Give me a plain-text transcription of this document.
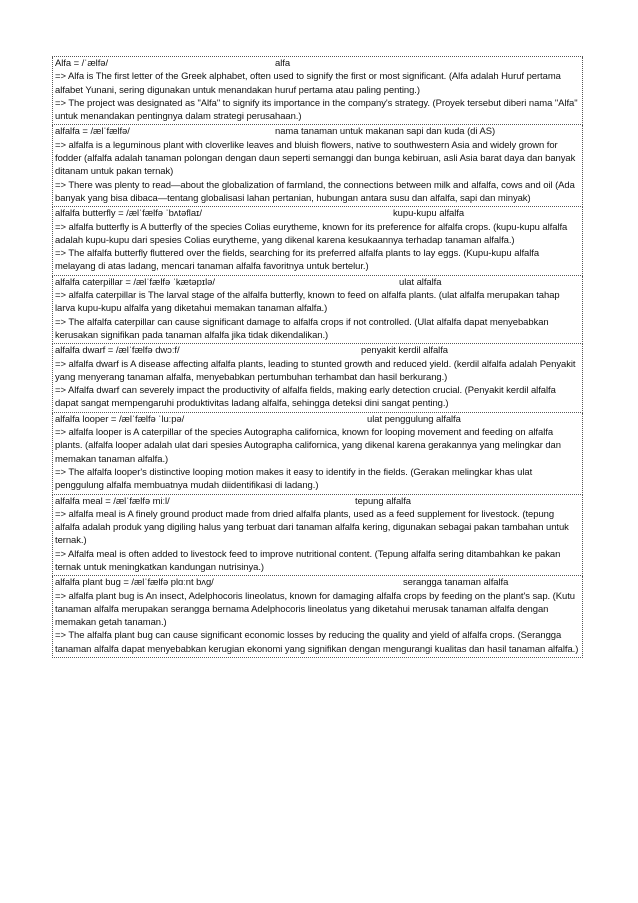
Alfa = /ˈælfə/	alfa
=> Alfa is The first letter of the Greek alphabet, often used to signify the first or most significant. (Alfa adalah Huruf pertama alfabet Yunani, sering digunakan untuk menandakan huruf pertama atau paling penting.)
=> The project was designated as "Alfa" to signify its importance in the company's strategy. (Proyek tersebut diberi nama "Alfa" untuk menandakan pentingnya dalam strategi perusahaan.)
alfalfa = /ælˈfælfə/	nama tanaman untuk makanan sapi dan kuda (di AS)
=> alfalfa is a leguminous plant with cloverlike leaves and bluish flowers, native to southwestern Asia and widely grown for fodder (alfalfa adalah tanaman polongan dengan daun seperti semanggi dan bunga kebiruan, asli Asia barat daya dan banyak ditanam untuk pakan ternak)
=> There was plenty to read—about the globalization of farmland, the connections between milk and alfalfa, cows and oil (Ada banyak yang bisa dibaca—tentang globalisasi lahan pertanian, hubungan antara susu dan alfalfa, sapi dan minyak)
alfalfa butterfly = /ælˈfælfə ˈbʌtəflaɪ/	kupu-kupu alfalfa
=> alfalfa butterfly is A butterfly of the species Colias eurytheme, known for its preference for alfalfa crops. (kupu-kupu alfalfa adalah kupu-kupu dari spesies Colias eurytheme, yang dikenal karena kesukaannya terhadap tanaman alfalfa.)
=> The alfalfa butterfly fluttered over the fields, searching for its preferred alfalfa plants to lay eggs. (Kupu-kupu alfalfa melayang di atas ladang, mencari tanaman alfalfa favoritnya untuk bertelur.)
alfalfa caterpillar = /ælˈfælfə ˈkætəpɪlə/	ulat alfalfa
=> alfalfa caterpillar is The larval stage of the alfalfa butterfly, known to feed on alfalfa plants. (ulat alfalfa merupakan tahap larva kupu-kupu alfalfa yang diketahui memakan tanaman alfalfa.)
=> The alfalfa caterpillar can cause significant damage to alfalfa crops if not controlled. (Ulat alfalfa dapat menyebabkan kerusakan signifikan pada tanaman alfalfa jika tidak dikendalikan.)
alfalfa dwarf = /ælˈfælfə dwɔːf/	penyakit kerdil alfalfa
=> alfalfa dwarf is A disease affecting alfalfa plants, leading to stunted growth and reduced yield. (kerdil alfalfa adalah Penyakit yang menyerang tanaman alfalfa, menyebabkan pertumbuhan terhambat dan hasil berkurang.)
=> Alfalfa dwarf can severely impact the productivity of alfalfa fields, making early detection crucial. (Penyakit kerdil alfalfa dapat sangat mempengaruhi produktivitas ladang alfalfa, sehingga deteksi dini sangat penting.)
alfalfa looper = /ælˈfælfə ˈluːpə/	ulat penggulung alfalfa
=> alfalfa looper is A caterpillar of the species Autographa californica, known for looping movement and feeding on alfalfa plants. (alfalfa looper adalah ulat dari spesies Autographa californica, yang dikenal karena gerakannya yang melingkar dan memakan tanaman alfalfa.)
=> The alfalfa looper's distinctive looping motion makes it easy to identify in the fields. (Gerakan melingkar khas ulat penggulung alfalfa membuatnya mudah diidentifikasi di ladang.)
alfalfa meal = /ælˈfælfə miːl/	tepung alfalfa
=> alfalfa meal is A finely ground product made from dried alfalfa plants, used as a feed supplement for livestock. (tepung alfalfa adalah produk yang digiling halus yang terbuat dari tanaman alfalfa kering, digunakan sebagai pakan tambahan untuk ternak.)
=> Alfalfa meal is often added to livestock feed to improve nutritional content. (Tepung alfalfa sering ditambahkan ke pakan ternak untuk meningkatkan kandungan nutrisinya.)
alfalfa plant bug = /ælˈfælfə plɑːnt bʌg/	serangga tanaman alfalfa
=> alfalfa plant bug is An insect, Adelphocoris lineolatus, known for damaging alfalfa crops by feeding on the plant's sap. (Kutu tanaman alfalfa merupakan serangga bernama Adelphocoris lineolatus yang diketahui merusak tanaman alfalfa dengan memakan getah tanaman.)
=> The alfalfa plant bug can cause significant economic losses by reducing the quality and yield of alfalfa crops. (Serangga tanaman alfalfa dapat menyebabkan kerugian ekonomi yang signifikan dengan mengurangi kualitas dan hasil tanaman alfalfa.)
